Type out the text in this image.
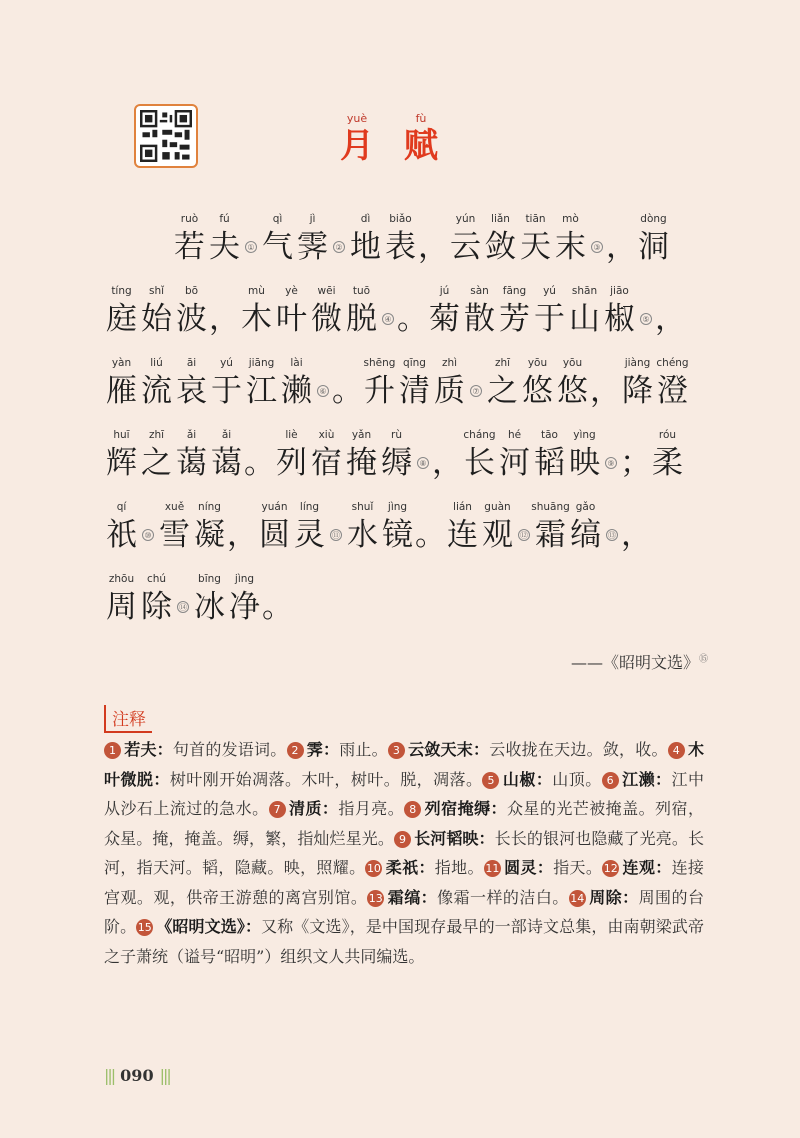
yuè
月
fù
赋
ruò
若
fú
夫 ①
qì
气
jì
霁 ②
dì
地
biǎo
表 ，
yún
云
liǎn
敛
tiān
天
mò
末 ③ ，
dòng
洞
tíng
庭
shǐ
始
bō
波 ，
mù
木
yè
叶
wēi
微
tuō
脱 ④ 。
jú
菊
sàn
散
fāng
芳
yú
于
shān
山
jiāo
椒 ⑤ ，
yàn
雁
liú
流
āi
哀
yú
于
jiāng
江
lài
濑 ⑥ 。
shēng
升
qīng
清
zhì
质 ⑦
zhī
之
yōu
悠
yōu
悠 ，
jiàng
降
chéng
澄
huī
辉
zhī
之
ǎi
蔼
ǎi
蔼 。
liè
列
xiù
宿
yǎn
掩
rù
缛 ⑧ ，
cháng
长
hé
河
tāo
韬
yìng
映 ⑨ ；
róu
柔
qí
祇 ⑩
xuě
雪
níng
凝 ，
yuán
圆
líng
灵 ⑪
shuǐ
水
jìng
镜 。
lián
连
guàn
观 ⑫
shuāng
霜
gǎo
缟 ⑬ ，
zhōu
周
chú
除 ⑭
bīng
冰
jìng
净 。
——《昭明文选》⑮
注释
1 若夫：句首的发语词。 2 霁：雨止。 3 云敛天末：云收拢在天边。敛，收。 4 木叶微脱：树叶刚开始凋落。木叶，树叶。脱，凋落。 5 山椒：山顶。 6 江濑：江中从沙石上流过的急水。 7 清质：指月亮。 8 列宿掩缛：众星的光芒被掩盖。列宿，众星。掩，掩盖。缛，繁，指灿烂星光。 9 长河韬映：长长的银河也隐藏了光亮。长河，指天河。韬，隐藏。映，照耀。 10 柔祇：指地。 11 圆灵：指天。 12 连观：连接宫观。观，供帝王游憩的离宫别馆。 13 霜缟：像霜一样的洁白。 14 周除：周围的台阶。 15 《昭明文选》：又称《文选》，是中国现存最早的一部诗文总集，由南朝梁武帝之子萧统（谥号“昭明”）组织文人共同编选。
||| 090 |||
